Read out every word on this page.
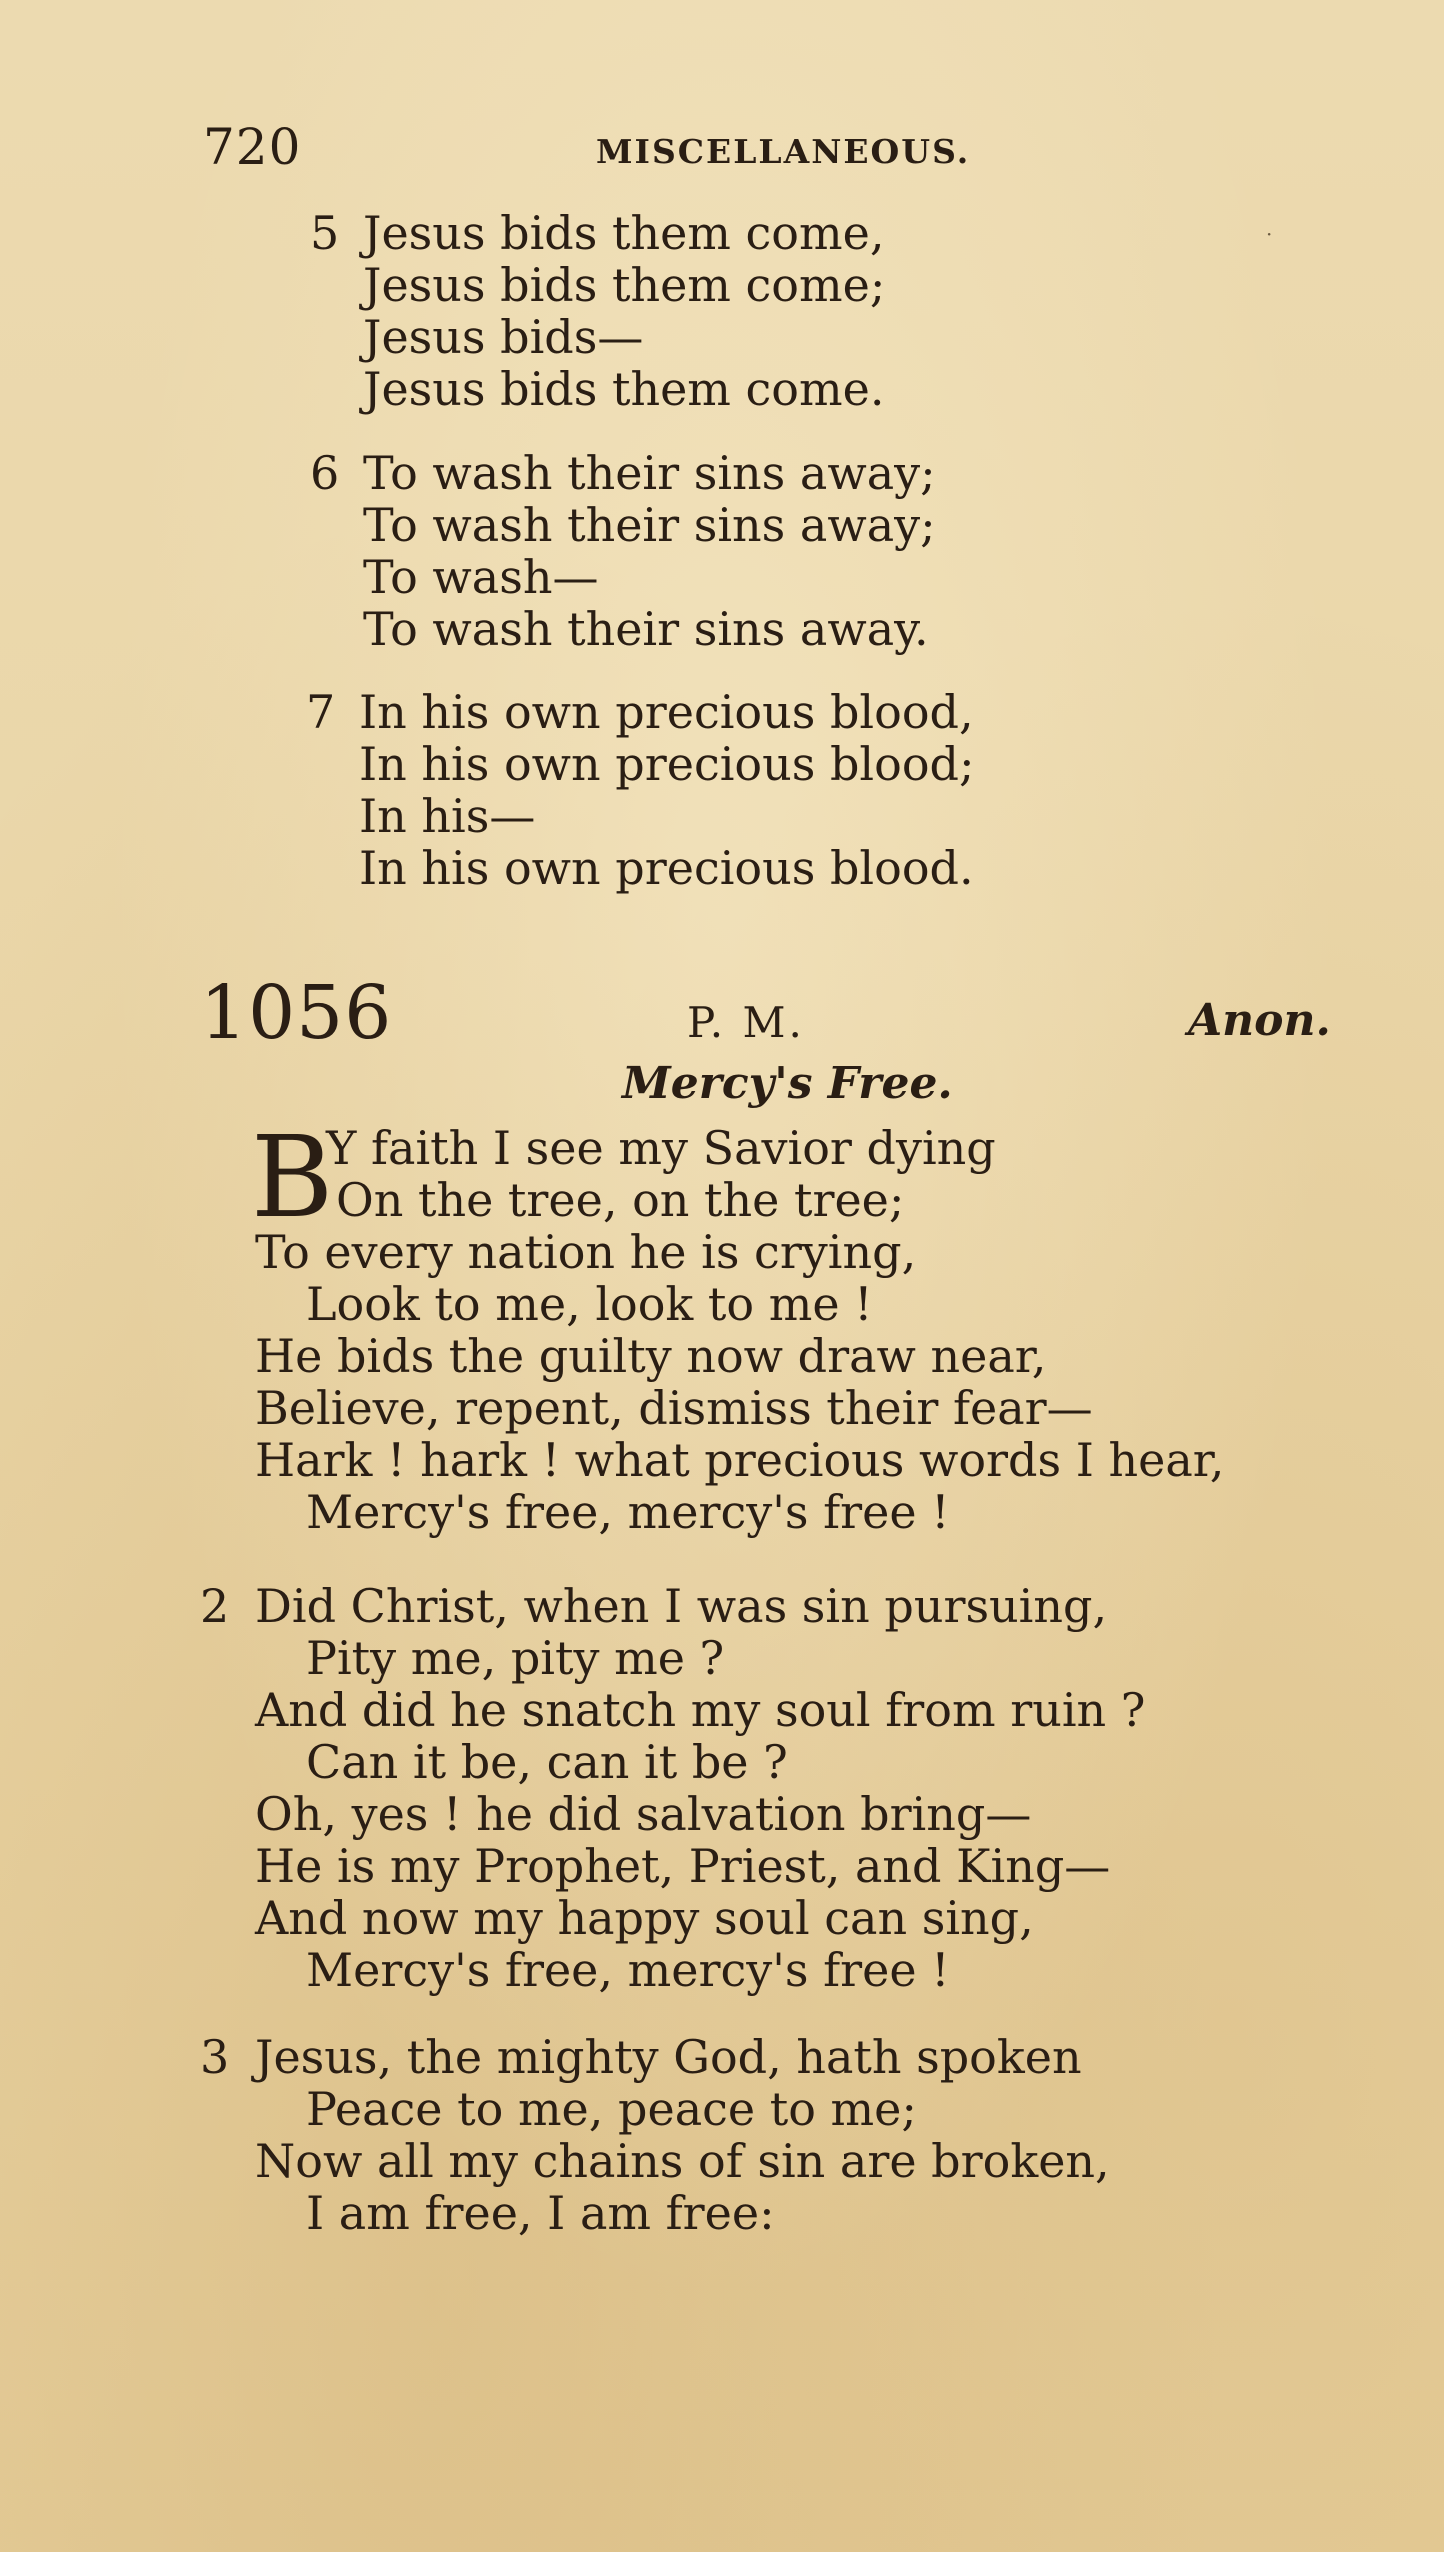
720	MISCELLANEOUS.
·
5 Jesus bids them come,
Jesus bids them come;
Jesus bids—
Jesus bids them come.
6 To wash their sins away;
To wash their sins away;
To wash—
To wash their sins away.
7 In his own precious blood,
In his own precious blood;
In his—
In his own precious blood.
1056	P. M.	Anon.
Mercy's Free.
B
Y faith I see my Savior dying
On the tree, on the tree;
To every nation he is crying,
Look to me, look to me !
He bids the guilty now draw near,
Believe, repent, dismiss their fear—
Hark ! hark ! what precious words I hear,
Mercy's free, mercy's free !
2 Did Christ, when I was sin pursuing,
Pity me, pity me ?
And did he snatch my soul from ruin ?
Can it be, can it be ?
Oh, yes ! he did salvation bring—
He is my Prophet, Priest, and King—
And now my happy soul can sing,
Mercy's free, mercy's free !
3 Jesus, the mighty God, hath spoken
Peace to me, peace to me;
Now all my chains of sin are broken,
I am free, I am free:
